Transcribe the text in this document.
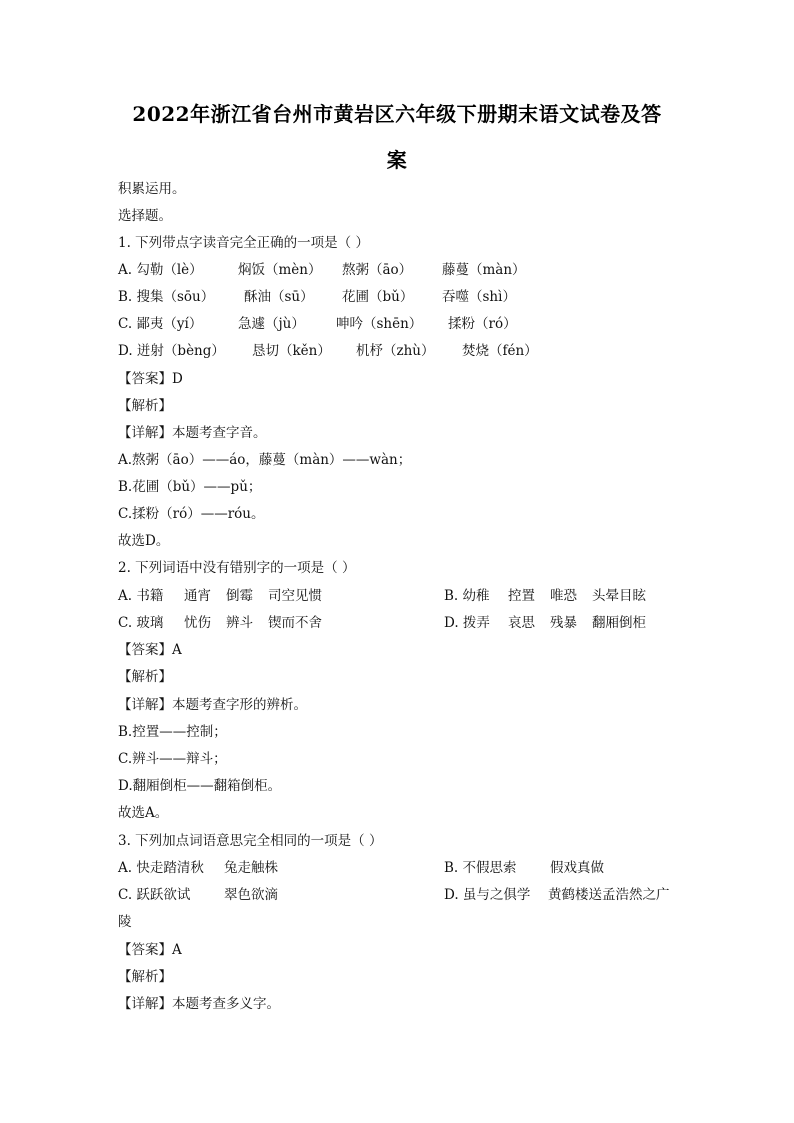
2022年浙江省台州市黄岩区六年级下册期末语文试卷及答
案
积累运用。
选择题。
1. 下列带点字读音完全正确的一项是（ ）
A. 勾勒（lè）	焖饭（mèn） 熬粥（āo） 藤蔓（màn）
B. 搜集（sōu） 酥油（sū） 花圃（bǔ） 吞噬（shì）
C. 鄙夷（yí）	急遽（jù） 呻吟（shēn） 揉粉（ró）
D. 迸射（bèng） 恳切（kěn） 机杼（zhù） 焚烧（fén）
【答案】D
【解析】
【详解】本题考查字音。
A.熬粥（āo）——áo，藤蔓（màn）——wàn；
B.花圃（bǔ）——pǔ；
C.揉粉（ró）——róu。
故选D。
2. 下列词语中没有错别字的一项是（ ）
A. 书籍 通宵 倒霉 司空见惯	B. 幼稚 控置 唯恐 头晕目眩
C. 玻璃 忧伤 辨斗 锲而不舍	D. 拨弄 哀思 残暴 翻厢倒柜
【答案】A
【解析】
【详解】本题考查字形的辨析。
B.控置——控制；
C.辨斗——辩斗；
D.翻厢倒柜——翻箱倒柜。
故选A。
3. 下列加点词语意思完全相同的一项是（ ）
A. 快走踏清秋 兔走触株	B. 不假思索 假戏真做
C. 跃跃欲试 翠色欲滴	D. 虽与之俱学 黄鹤楼送孟浩然之广
陵
【答案】A
【解析】
【详解】本题考查多义字。
